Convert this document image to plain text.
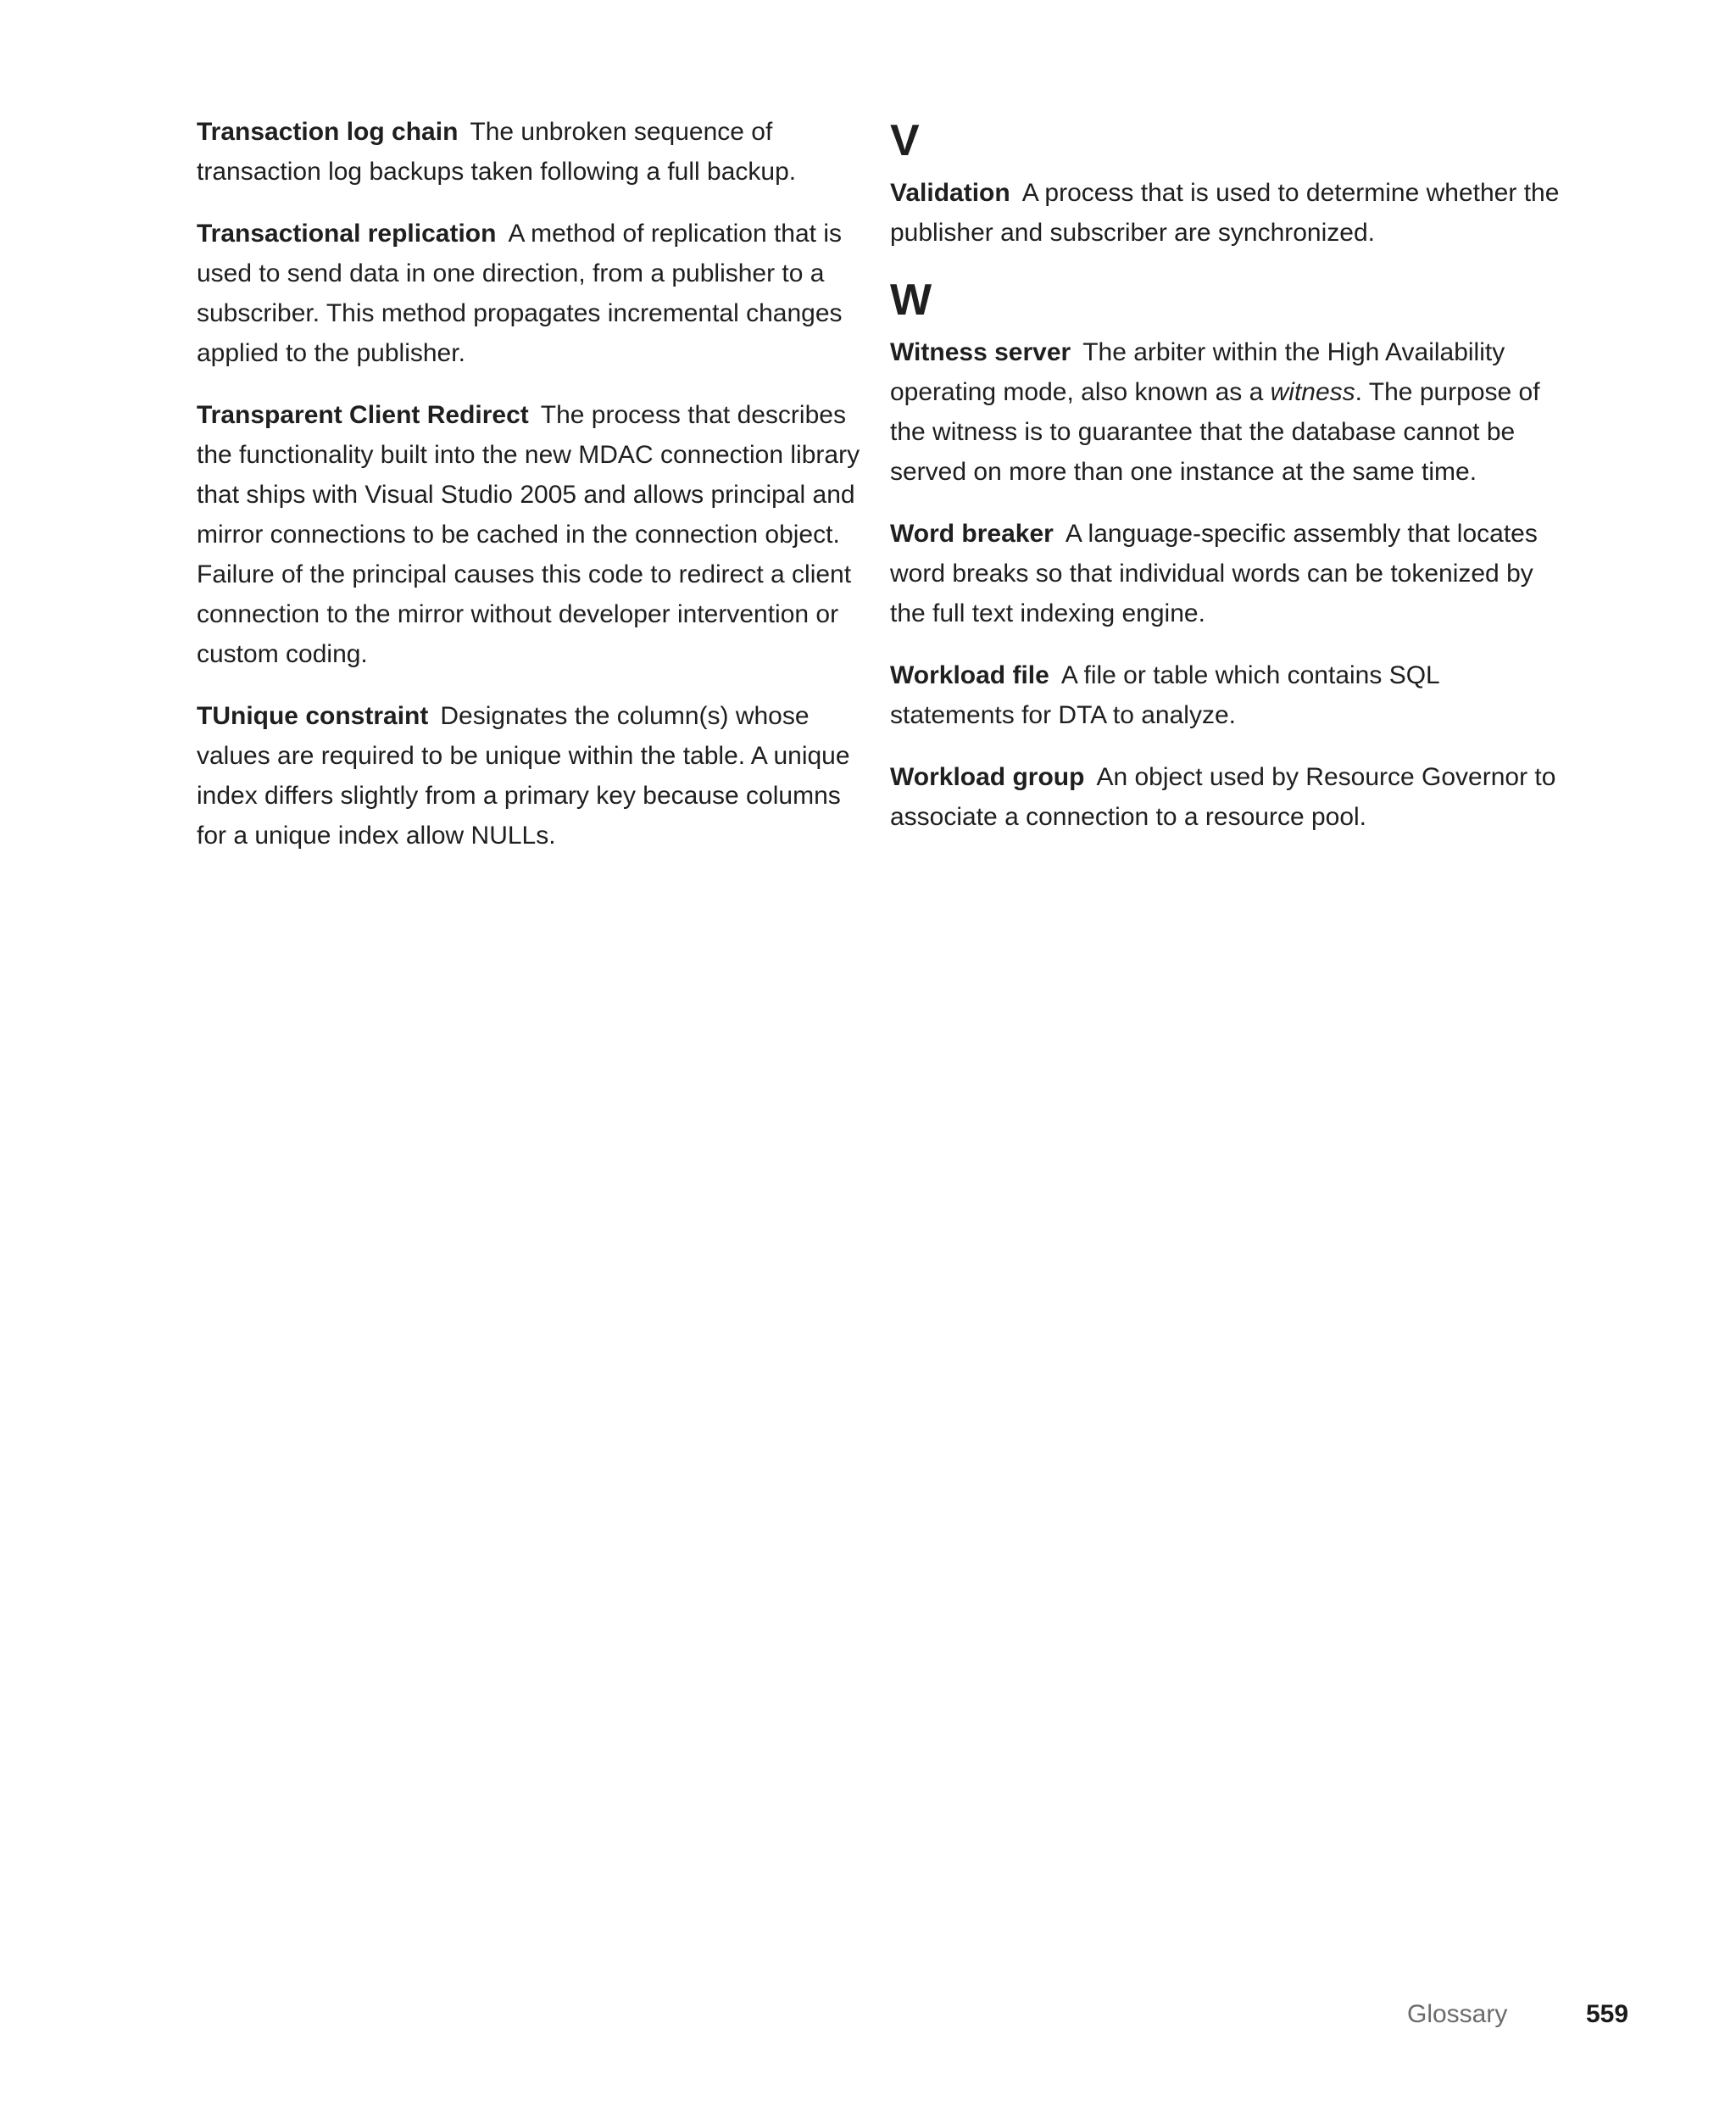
Transaction log chain The unbroken sequence of transaction log backups taken following a full backup.

Transactional replication A method of replication that is used to send data in one direction, from a publisher to a subscriber. This method propagates incremental changes applied to the publisher.

Transparent Client Redirect The process that describes the functionality built into the new MDAC connection library that ships with Visual Studio 2005 and allows principal and mirror connections to be cached in the connection object. Failure of the principal causes this code to redirect a client connection to the mirror without developer intervention or custom coding.

TUnique constraint Designates the column(s) whose values are required to be unique within the table. A unique index differs slightly from a primary key because columns for a unique index allow NULLs.

V

Validation A process that is used to determine whether the publisher and subscriber are synchronized.

W

Witness server The arbiter within the High Availability operating mode, also known as a witness. The purpose of the witness is to guarantee that the database cannot be served on more than one instance at the same time.

Word breaker A language-specific assembly that locates word breaks so that individual words can be tokenized by the full text indexing engine.

Workload file A file or table which contains SQL statements for DTA to analyze.

Workload group An object used by Resource Governor to associate a connection to a resource pool.

Glossary	559
